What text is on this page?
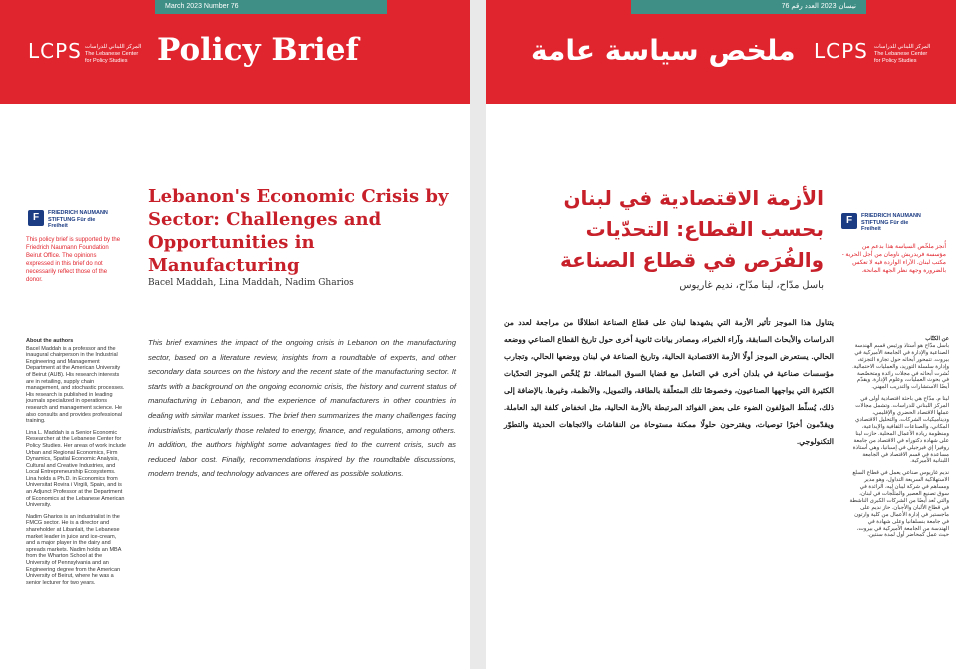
March 2023 Number 76
LCPS المركز اللبناني للدراسات
The Lebanese Center for Policy Studies Policy Brief
F	FRIEDRICH NAUMANN STIFTUNG Für die Freiheit
This policy brief is supported by the Friedrich Naumann Foundation Beirut Office. The opinions expressed in this brief do not necessarily reflect those of the donor.
Lebanon's Economic Crisis by Sector: Challenges and Opportunities in Manufacturing
Bacel Maddah, Lina Maddah, Nadim Gharios
This brief examines the impact of the ongoing crisis in Lebanon on the manufacturing sector, based on a literature review, insights from a roundtable of experts, and other secondary data sources on the history and the recent state of the manufacturing sector. It starts with a background on the ongoing economic crisis, the history and current status of manufacturing in Lebanon, and the experience of manufacturers in other countries in dealing with similar market issues. The brief then summarizes the many challenges facing industrialists, particularly those related to energy, finance, and regulations, among others. In addition, the authors highlight some advantages tied to the current crisis, such as reduced labor cost. Finally, recommendations inspired by the roundtable discussions, modern trends, and technology advances are offered as possible solutions.
About the authors

Bacel Maddah is a professor and the inaugural chairperson in the Industrial Engineering and Management Department at the American University of Beirut (AUB). His research interests are in retailing, supply chain management, and stochastic processes. His research is published in leading journals specialized in operations research and management science. He also consults and provides professional training.

Lina L. Maddah is a Senior Economic Researcher at the Lebanese Center for Policy Studies. Her areas of work include Urban and Regional Economics, Firm Dynamics, Spatial Economic Analysis, Cultural and Creative Industries, and Local Entrepreneurship Ecosystems. Lina holds a Ph.D. in Economics from Universitat Rovira i Virgili, Spain, and is an Adjunct Professor at the Department of Economics at the Lebanese American University.

Nadim Gharios is an industrialist in the FMCG sector. He is a director and shareholder at Libanlait, the Lebanese market leader in juice and ice-cream, and a major player in the dairy and spreads markets. Nadim holds an MBA from the Wharton School at the University of Pennsylvania and an Engineering degree from the American University of Beirut, where he was a senior lecturer for two years.

نيسان 2023 العدد رقم 76
ملخص سياسة عامة LCPS المركز اللبناني للدراسات
The Lebanese Center for Policy Studies
F	FRIEDRICH NAUMANN STIFTUNG Für die Freiheit
أُنجز ملخّص السياسة هذا بدعم من مؤسسة فريدريش ناومان من أجل الحرية - مكتب لبنان. الآراء الواردة فيه لا تعكس بالضرورة وجهة نظر الجهة المانحة.
الأزمة الاقتصادية في لبنان بحسب القطاع: التحدّيات والفُرَص في قطاع الصناعة
باسل مدّاح، لينا مدّاح، نديم غاريوس
يتناول هذا الموجز تأثير الأزمة التي يشهدها لبنان على قطاع الصناعة انطلاقًا من مراجعة لعدد من الدراسات والأبحاث السابقة، وآراء الخبراء، ومصادر بيانات ثانوية أخرى حول تاريخ القطاع الصناعي ووضعه الحالي. يستعرض الموجز أولًا الأزمة الاقتصادية الحالية، وتاريخ الصناعة في لبنان ووضعها الحالي، وتجارب مؤسسات صناعية في بلدان أخرى في التعامل مع قضايا السوق المماثلة. ثمّ يُلخّص الموجز التحدّيات الكثيرة التي يواجهها الصناعيون، وخصوصًا تلك المتعلّقة بالطاقة، والتمويل، والأنظمة، وغيرها. بالإضافة إلى ذلك، يُسلّط المؤلفون الضوء على بعض الفوائد المرتبطة بالأزمة الحالية، مثل انخفاض كلفة اليد العاملة. ويقدّمون أخيرًا توصيات، ويقترحون حلولًا ممكنة مستوحاة من النقاشات والاتجاهات الحديثة والتطوّر التكنولوجي.
عن الكتّاب

باسل مدّاح هو أستاذ ورئيس قسم الهندسة الصناعية والإدارة في الجامعة الأميركية في بيروت. تتمحور أبحاثه حول تجارة التجزئة، وإدارة سلسلة التوريد، والعمليات الاحتمالية. نُشرت أبحاثه في مجلات رائدة ومتخصّصة في بحوث العمليات، وعلوم الإدارة. ويقدّم أيضًا الاستشارات والتدريب المهني.

لينا م. مدّاح هي باحثة اقتصادية أولى في المركز اللبناني للدراسات. وتشمل مجالات عملها الاقتصاد الحضري والإقليمي، وديناميكيات الشركات، والتحليل الاقتصادي المكاني، والصناعات الثقافية والإبداعية، ومنظومة ريادة الأعمال المحلية. حازت لينا على شهادة دكتوراه في الاقتصاد من جامعة روفيرا إي فيرجيلي في إسبانيا، وهي أستاذة مساعدة في قسم الاقتصاد في الجامعة اللبنانية الأميركية.

نديم غاريوس صناعي يعمل في قطاع السلع الاستهلاكية السريعة التداول، وهو مدير ومساهم في شركة ليبان لِيه، الرائدة في سوق تصنيع العصير والمثلّجات في لبنان، والتي تُعد أيضًا من الشركات الكبرى الناشطة في قطاع الألبان والأجبان. حاز نديم على ماجستير في إدارة الأعمال من كلية وارتون في جامعة بنسلفانيا وعلى شهادة في الهندسة من الجامعة الأميركية في بيروت، حيث عمل كمحاضر أول لمدة سنتين.
